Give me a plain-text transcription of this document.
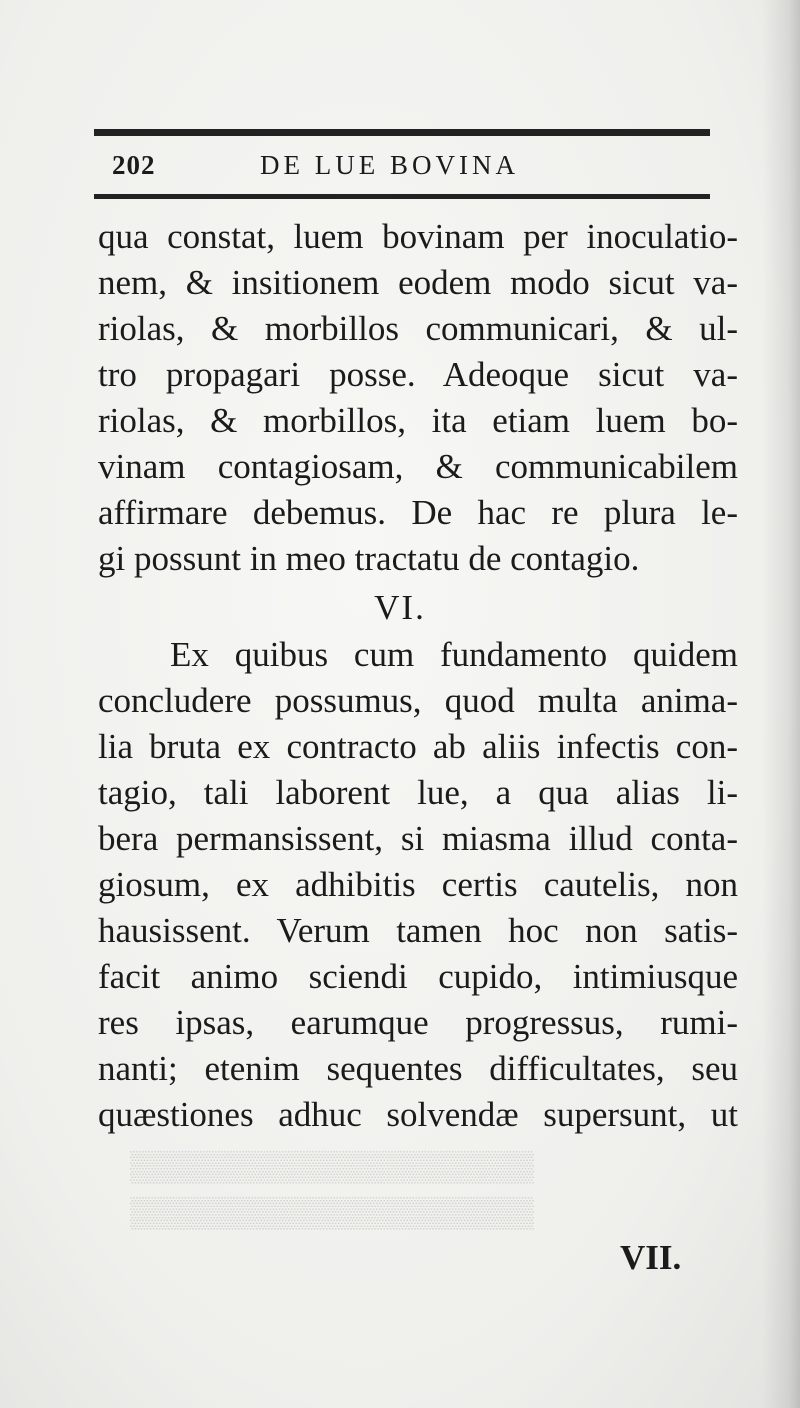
202	DE LUE BOVINA
qua constat, luem bovinam per inoculatio-
nem, & insitionem eodem modo sicut va-
riolas, & morbillos communicari, & ul-
tro propagari posse. Adeoque sicut va-
riolas, & morbillos, ita etiam luem bo-
vinam contagiosam, & communicabilem
affirmare debemus. De hac re plura le-
gi possunt in meo tractatu de contagio.
VI.
Ex quibus cum fundamento quidem
concludere possumus, quod multa anima-
lia bruta ex contracto ab aliis infectis con-
tagio, tali laborent lue, a qua alias li-
bera permansissent, si miasma illud conta-
giosum, ex adhibitis certis cautelis, non
hausissent. Verum tamen hoc non satis-
facit animo sciendi cupido, intimiusque
res ipsas, earumque progressus, rumi-
nanti; etenim sequentes difficultates, seu
quæstiones adhuc solvendæ supersunt, ut
▒▒▒▒▒▒▒▒▒▒▒▒▒▒▒▒▒▒▒
▒▒▒▒▒▒▒▒▒▒▒▒▒▒▒▒▒▒▒
VII.
